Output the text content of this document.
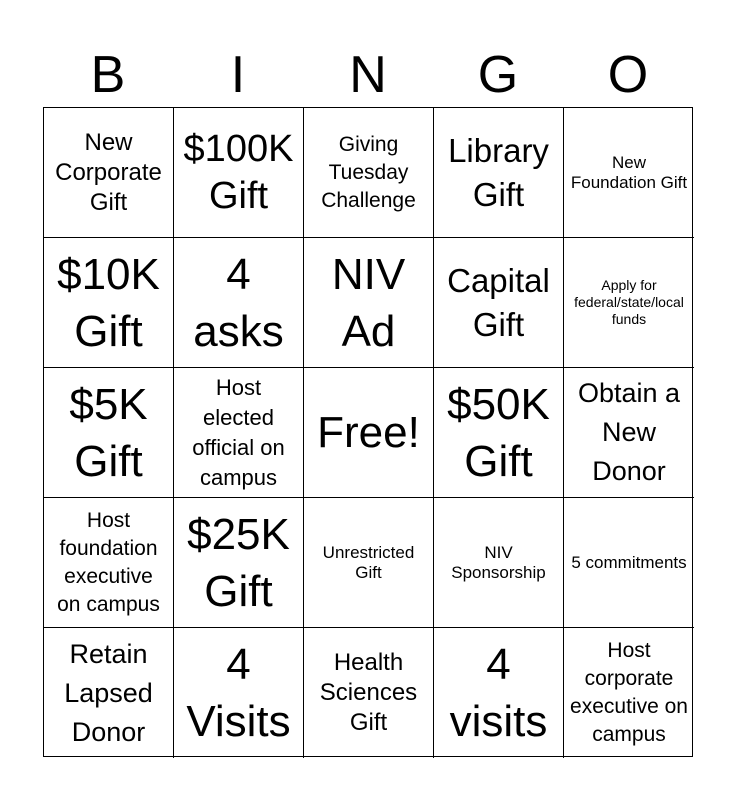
B	I	N	G	O
New Corporate Gift
$100K Gift
Giving Tuesday Challenge
Library Gift
New Foundation Gift
$10K Gift
4 asks
NIV Ad
Capital Gift
Apply for federal/state/local funds
$5K Gift
Host elected official on campus
Free!
$50K Gift
Obtain a New Donor
Host foundation executive on campus
$25K Gift
Unrestricted Gift
NIV Sponsorship
5 commitments
Retain Lapsed Donor
4 Visits
Health Sciences Gift
4 visits
Host corporate executive on campus
